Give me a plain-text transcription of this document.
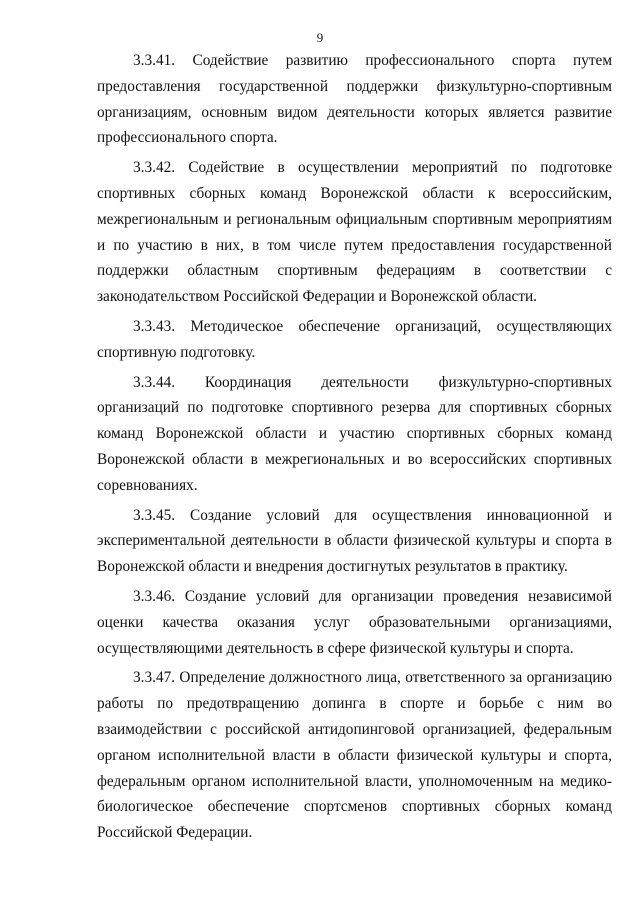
9

3.3.41. Содействие развитию профессионального спорта путем предоставления государственной поддержки физкультурно-спортивным организациям, основным видом деятельности которых является развитие профессионального спорта.

3.3.42. Содействие в осуществлении мероприятий по подготовке спортивных сборных команд Воронежской области к всероссийским, межрегиональным и региональным официальным спортивным мероприятиям и по участию в них, в том числе путем предоставления государственной поддержки областным спортивным федерациям в соответствии с законодательством Российской Федерации и Воронежской области.

3.3.43. Методическое обеспечение организаций, осуществляющих спортивную подготовку.

3.3.44. Координация деятельности физкультурно-спортивных организаций по подготовке спортивного резерва для спортивных сборных команд Воронежской области и участию спортивных сборных команд Воронежской области в межрегиональных и во всероссийских спортивных соревнованиях.

3.3.45. Создание условий для осуществления инновационной и экспериментальной деятельности в области физической культуры и спорта в Воронежской области и внедрения достигнутых результатов в практику.

3.3.46. Создание условий для организации проведения независимой оценки качества оказания услуг образовательными организациями, осуществляющими деятельность в сфере физической культуры и спорта.

3.3.47. Определение должностного лица, ответственного за организацию работы по предотвращению допинга в спорте и борьбе с ним во взаимодействии с российской антидопинговой организацией, федеральным органом исполнительной власти в области физической культуры и спорта, федеральным органом исполнительной власти, уполномоченным на медико-биологическое обеспечение спортсменов спортивных сборных команд Российской Федерации.
